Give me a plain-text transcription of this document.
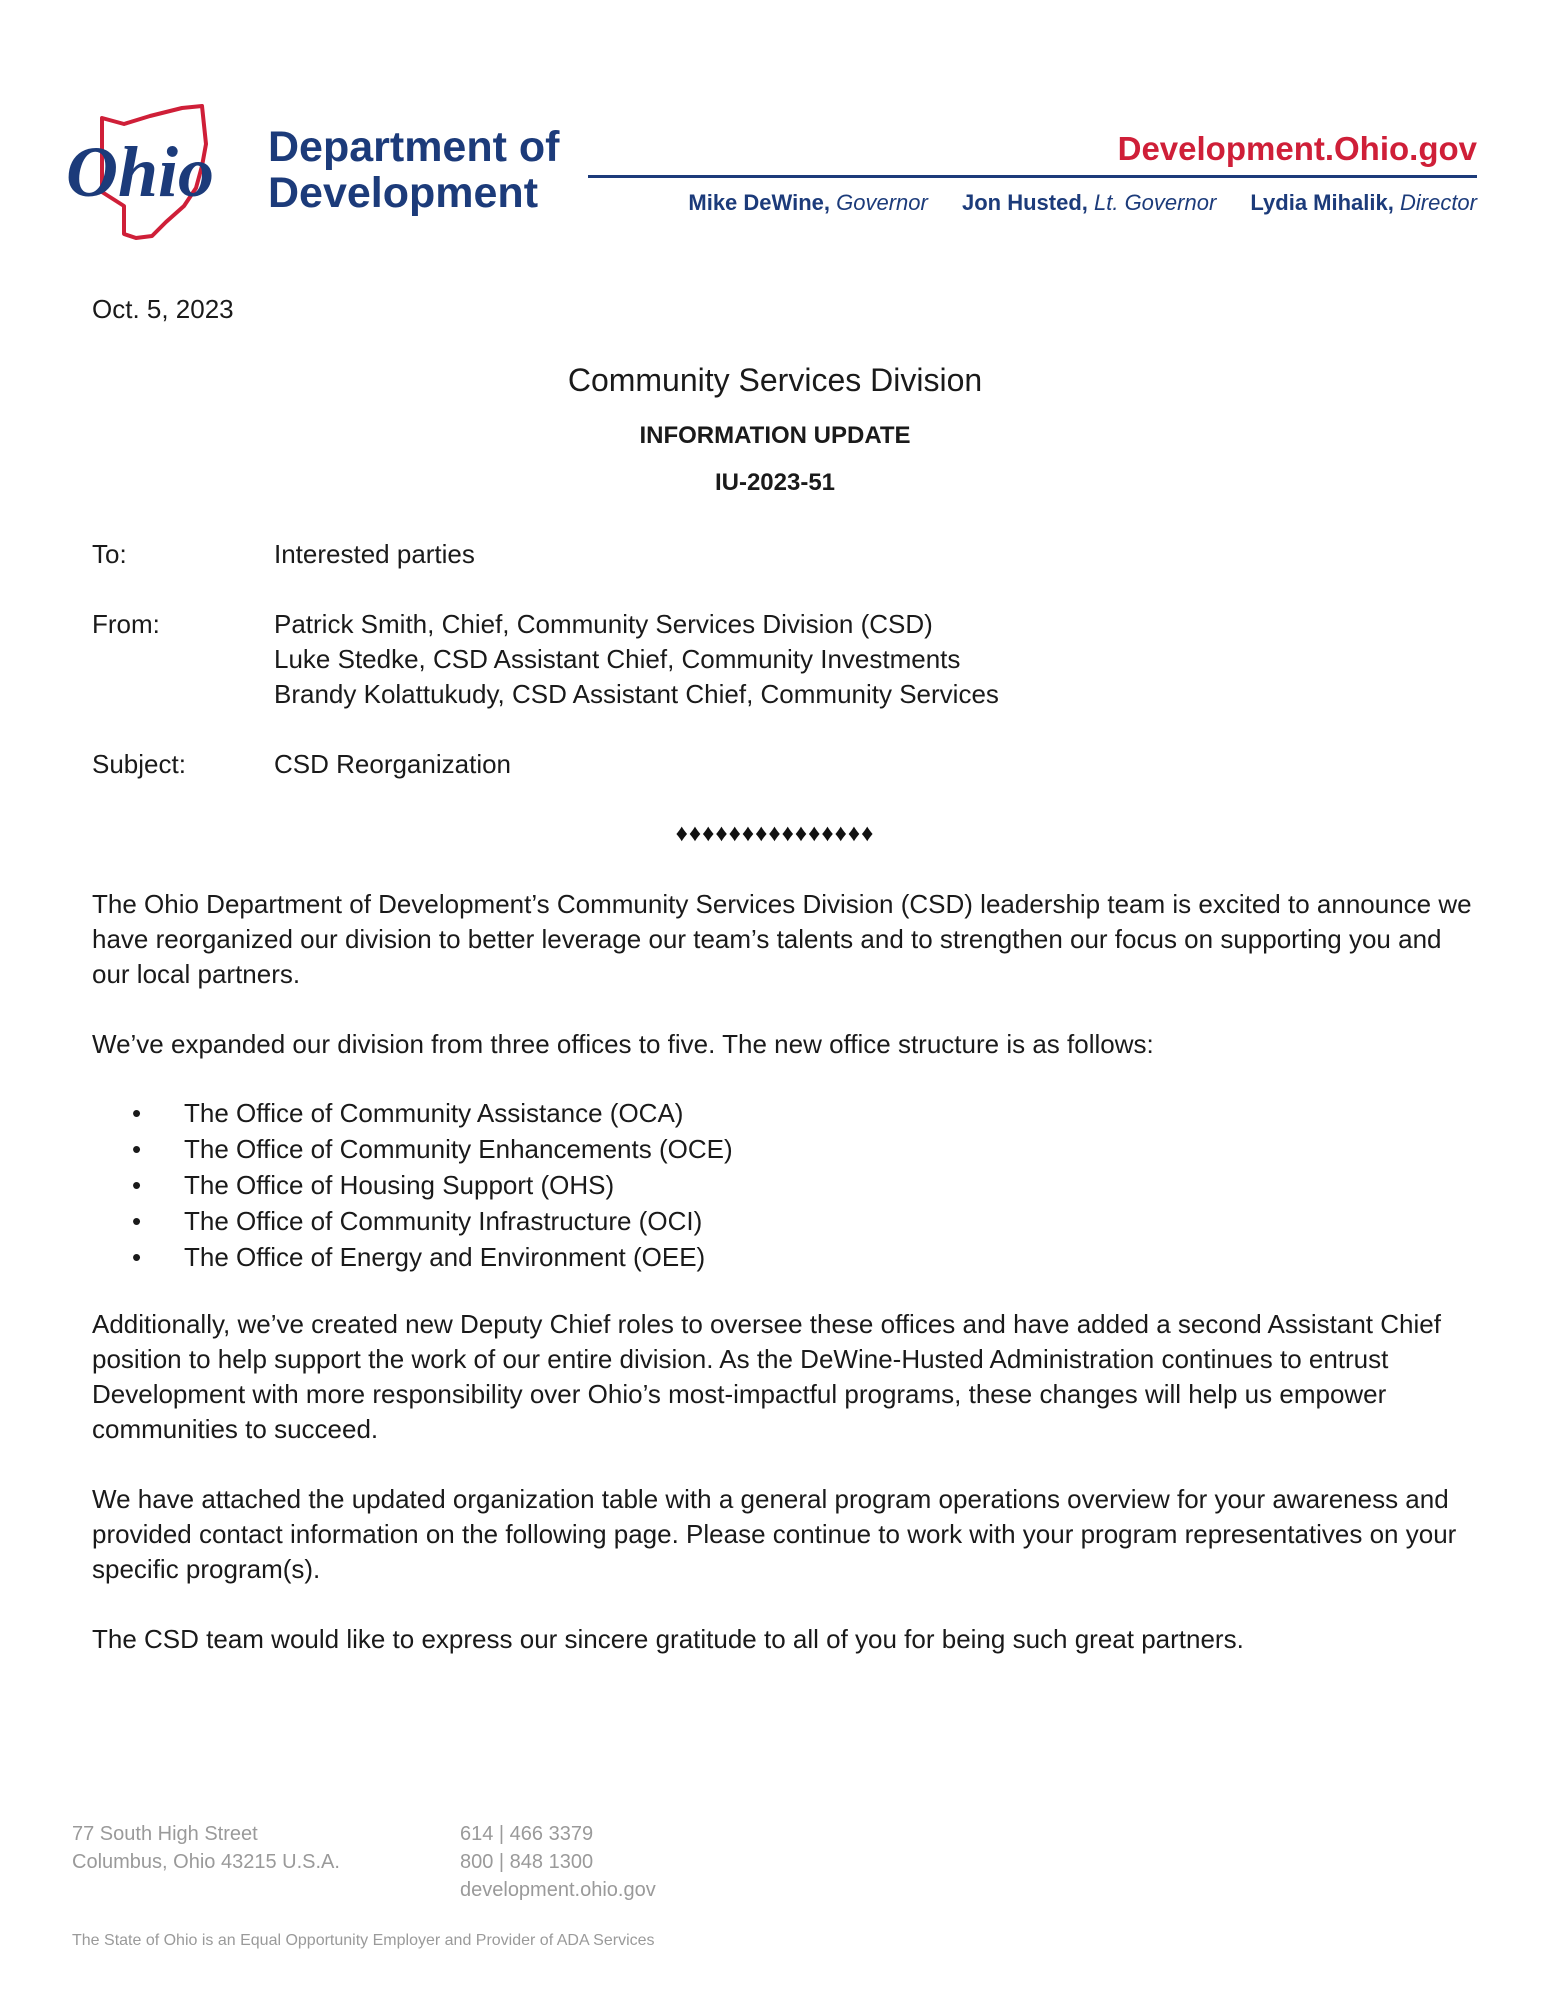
Ohio Department of
Development
Development.Ohio.gov
Mike DeWine, Governor Jon Husted, Lt. Governor Lydia Mihalik, Director
Oct. 5, 2023
Community Services Division
INFORMATION UPDATE
IU-2023-51
To:	Interested parties
From:	Patrick Smith, Chief, Community Services Division (CSD)
Luke Stedke, CSD Assistant Chief, Community Investments
Brandy Kolattukudy, CSD Assistant Chief, Community Services
Subject:	CSD Reorganization
♦♦♦♦♦♦♦♦♦♦♦♦♦♦♦
The Ohio Department of Development’s Community Services Division (CSD) leadership team is excited to announce we have reorganized our division to better leverage our team’s talents and to strengthen our focus on supporting you and our local partners.
We’ve expanded our division from three offices to five. The new office structure is as follows:
• The Office of Community Assistance (OCA)
• The Office of Community Enhancements (OCE)
• The Office of Housing Support (OHS)
• The Office of Community Infrastructure (OCI)
• The Office of Energy and Environment (OEE)
Additionally, we’ve created new Deputy Chief roles to oversee these offices and have added a second Assistant Chief position to help support the work of our entire division. As the DeWine-Husted Administration continues to entrust Development with more responsibility over Ohio’s most-impactful programs, these changes will help us empower communities to succeed.
We have attached the updated organization table with a general program operations overview for your awareness and provided contact information on the following page. Please continue to work with your program representatives on your specific program(s).
The CSD team would like to express our sincere gratitude to all of you for being such great partners.
77 South High Street
Columbus, Ohio 43215 U.S.A.
614 | 466 3379
800 | 848 1300
development.ohio.gov
The State of Ohio is an Equal Opportunity Employer and Provider of ADA Services
